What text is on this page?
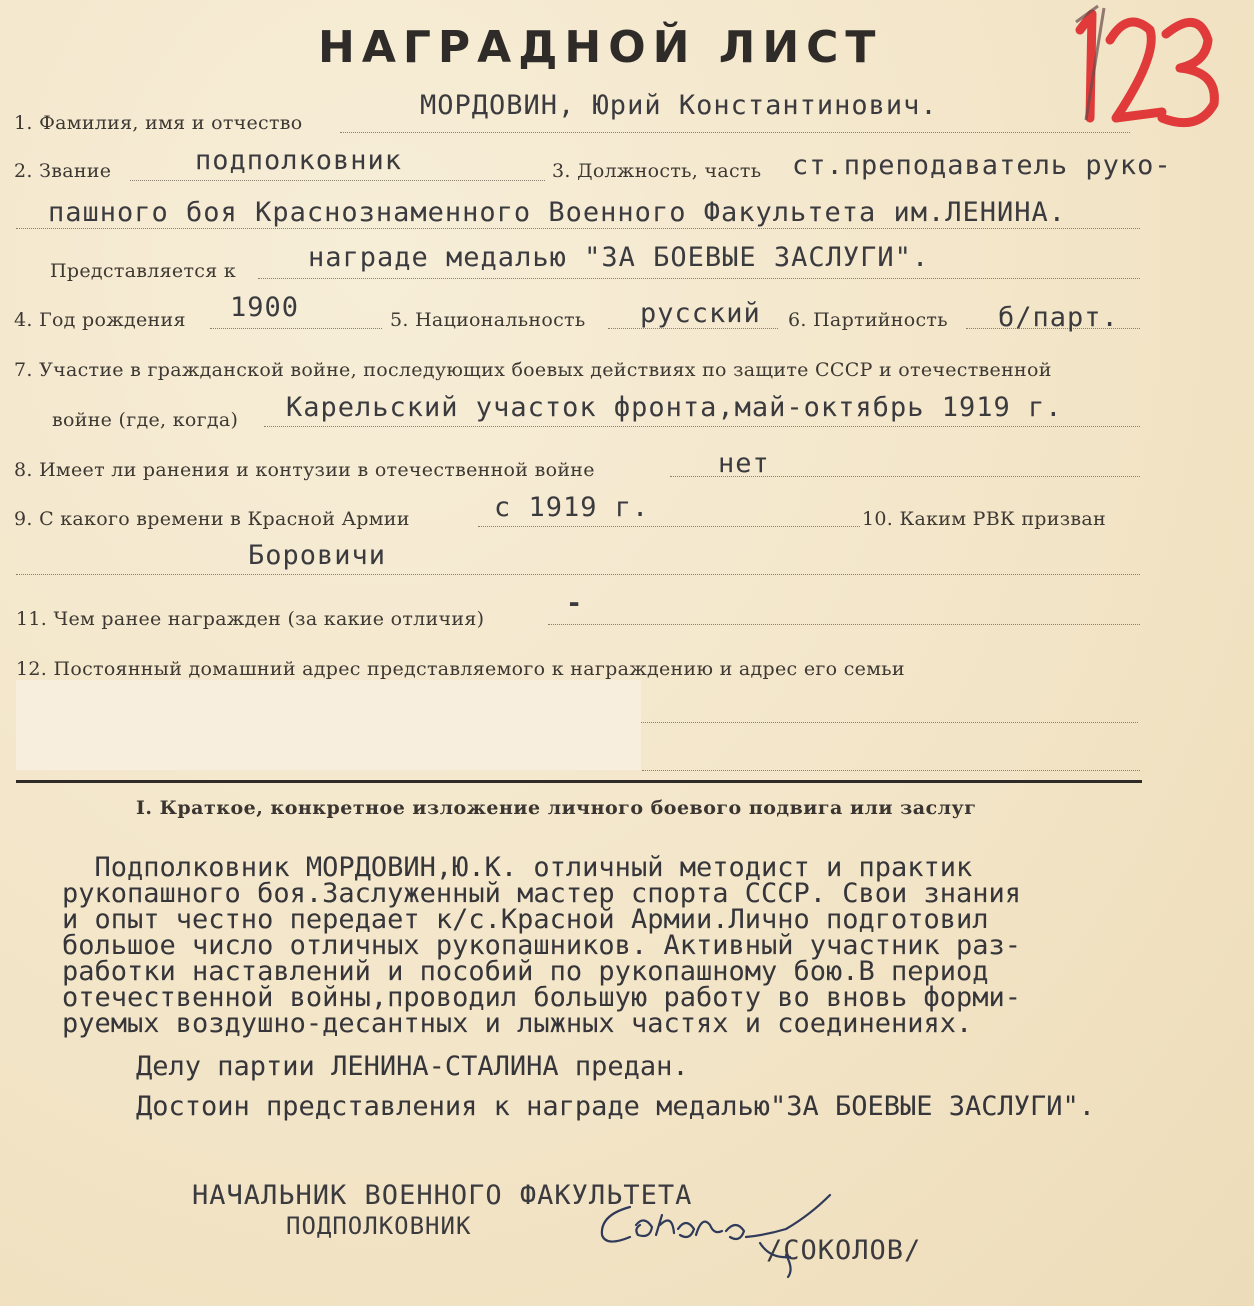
НАГРАДНОЙ ЛИСТ
1. Фамилия, имя и отчество
МОРДОВИН, Юрий Константинович.
2. Звание	подполковник	3. Должность, часть ст.преподаватель руко-
пашного боя Краснознаменного Военного Факультета им.ЛЕНИНА.
Представляется к	награде медалью "ЗА БОЕВЫЕ ЗАСЛУГИ".
4. Год рождения 1900	5. Национальность русский 6. Партийность б/парт.
7. Участие в гражданской войне, последующих боевых действиях по защите СССР и отечественной
войне (где, когда) Карельский участок фронта,май-октябрь 1919 г.
8. Имеет ли ранения и контузии в отечественной войне	нет
9. С какого времени в Красной Армии	с 1919 г.	10. Каким РВК призван
Боровичи
11. Чем ранее награжден (за какие отличия)	-
12. Постоянный домашний адрес представляемого к награждению и адрес его семьи
I. Краткое, конкретное изложение личного боевого подвига или заслуг
Подполковник МОРДОВИН,Ю.К. отличный методист и практик
рукопашного боя.Заслуженный мастер спорта СССР. Свои знания
и опыт честно передает к/с.Красной Армии.Лично подготовил
большое число отличных рукопашников. Активный участник раз-
работки наставлений и пособий по рукопашному бою.В период
отечественной войны,проводил большую работу во вновь форми-
руемых воздушно-десантных и лыжных частях и соединениях.
Делу партии ЛЕНИНА-СТАЛИНА предан.
Достоин представления к награде медалью"ЗА БОЕВЫЕ ЗАСЛУГИ".
НАЧАЛЬНИК ВОЕННОГО ФАКУЛЬТЕТА
ПОДПОЛКОВНИК
/СОКОЛОВ/
